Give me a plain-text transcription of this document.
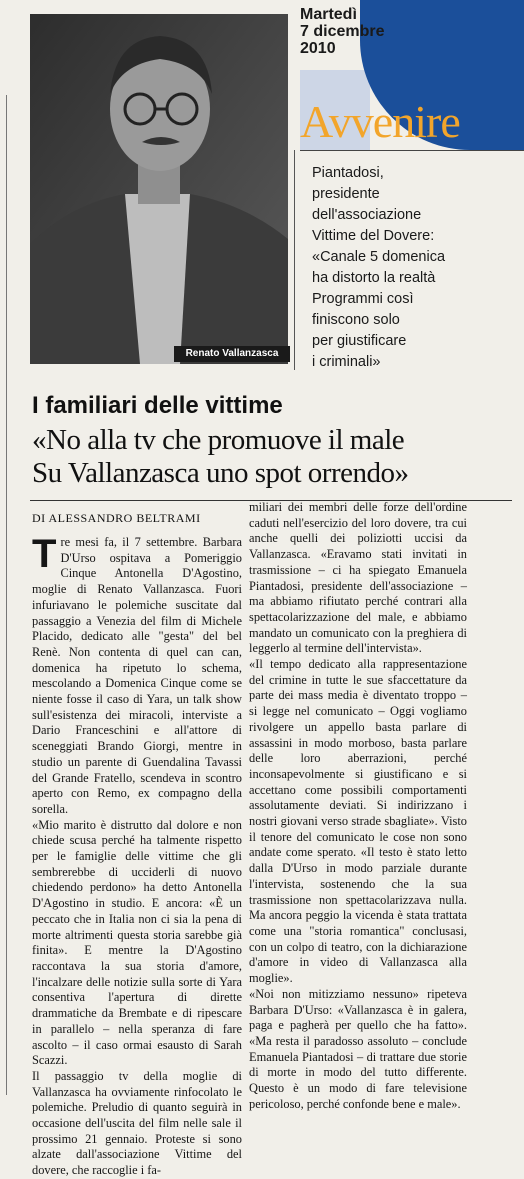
Martedì
7 dicembre
2010
Avvenire
Renato Vallanzasca
Piantadosi,
presidente
dell'associazione
Vittime del Dovere:
«Canale 5 domenica
ha distorto la realtà
Programmi così
finiscono solo
per giustificare
i criminali»
I familiari delle vittime
«No alla tv che promuove il male
Su Vallanzasca uno spot orrendo»
DI ALESSANDRO BELTRAMI

Tre mesi fa, il 7 settembre. Barbara D'Urso ospitava a Pomeriggio Cinque Antonella D'Agostino, moglie di Renato Vallanzasca. Fuori infuriavano le polemiche suscitate dal passaggio a Venezia del film di Michele Placido, dedicato alle "gesta" del bel Renè. Non contenta di quel can can, domenica ha ripetuto lo schema, mescolando a Domenica Cinque come se niente fosse il caso di Yara, un talk show sull'esistenza dei miracoli, interviste a Dario Franceschini e all'attore di sceneggiati Brando Giorgi, mentre in studio un parente di Guendalina Tavassi del Grande Fratello, scendeva in scontro aperto con Remo, ex compagno della sorella.

«Mio marito è distrutto dal dolore e non chiede scusa perché ha talmente rispetto per le famiglie delle vittime che gli sembrerebbe di ucciderli di nuovo chiedendo perdono» ha detto Antonella D'Agostino in studio. E ancora: «È un peccato che in Italia non ci sia la pena di morte altrimenti questa storia sarebbe già finita». E mentre la D'Agostino raccontava la sua storia d'amore, l'incalzare delle notizie sulla sorte di Yara consentiva l'apertura di dirette drammatiche da Brembate e di ripescare in parallelo – nella speranza di fare ascolto – il caso ormai esausto di Sarah Scazzi.

Il passaggio tv della moglie di Vallanzasca ha ovviamente rinfocolato le polemiche. Preludio di quanto seguirà in occasione dell'uscita del film nelle sale il prossimo 21 gennaio. Proteste si sono alzate dall'associazione Vittime del dovere, che raccoglie i fa-

miliari dei membri delle forze dell'ordine caduti nell'esercizio del loro dovere, tra cui anche quelli dei poliziotti uccisi da Vallanzasca. «Eravamo stati invitati in trasmissione – ci ha spiegato Emanuela Piantadosi, presidente dell'associazione – ma abbiamo rifiutato perché contrari alla spettacolarizzazione del male, e abbiamo mandato un comunicato con la preghiera di leggerlo al termine dell'intervista».

«Il tempo dedicato alla rappresentazione del crimine in tutte le sue sfaccettature da parte dei mass media è diventato troppo – si legge nel comunicato – Oggi vogliamo rivolgere un appello basta parlare di assassini in modo morboso, basta parlare delle loro aberrazioni, perché inconsapevolmente si giustificano e si accettano come possibili comportamenti assolutamente deviati. Si indirizzano i nostri giovani verso strade sbagliate». Visto il tenore del comunicato le cose non sono andate come sperato. «Il testo è stato letto dalla D'Urso in modo parziale durante l'intervista, sostenendo che la sua trasmissione non spettacolarizzava nulla. Ma ancora peggio la vicenda è stata trattata come una "storia romantica" conclusasi, con un colpo di teatro, con la dichiarazione d'amore in video di Vallanzasca alla moglie».

«Noi non mitizziamo nessuno» ripeteva Barbara D'Urso: «Vallanzasca è in galera, paga e pagherà per quello che ha fatto». «Ma resta il paradosso assoluto – conclude Emanuela Piantadosi – di trattare due storie di morte in modo del tutto differente. Questo è un modo di fare televisione pericoloso, perché confonde bene e male».
